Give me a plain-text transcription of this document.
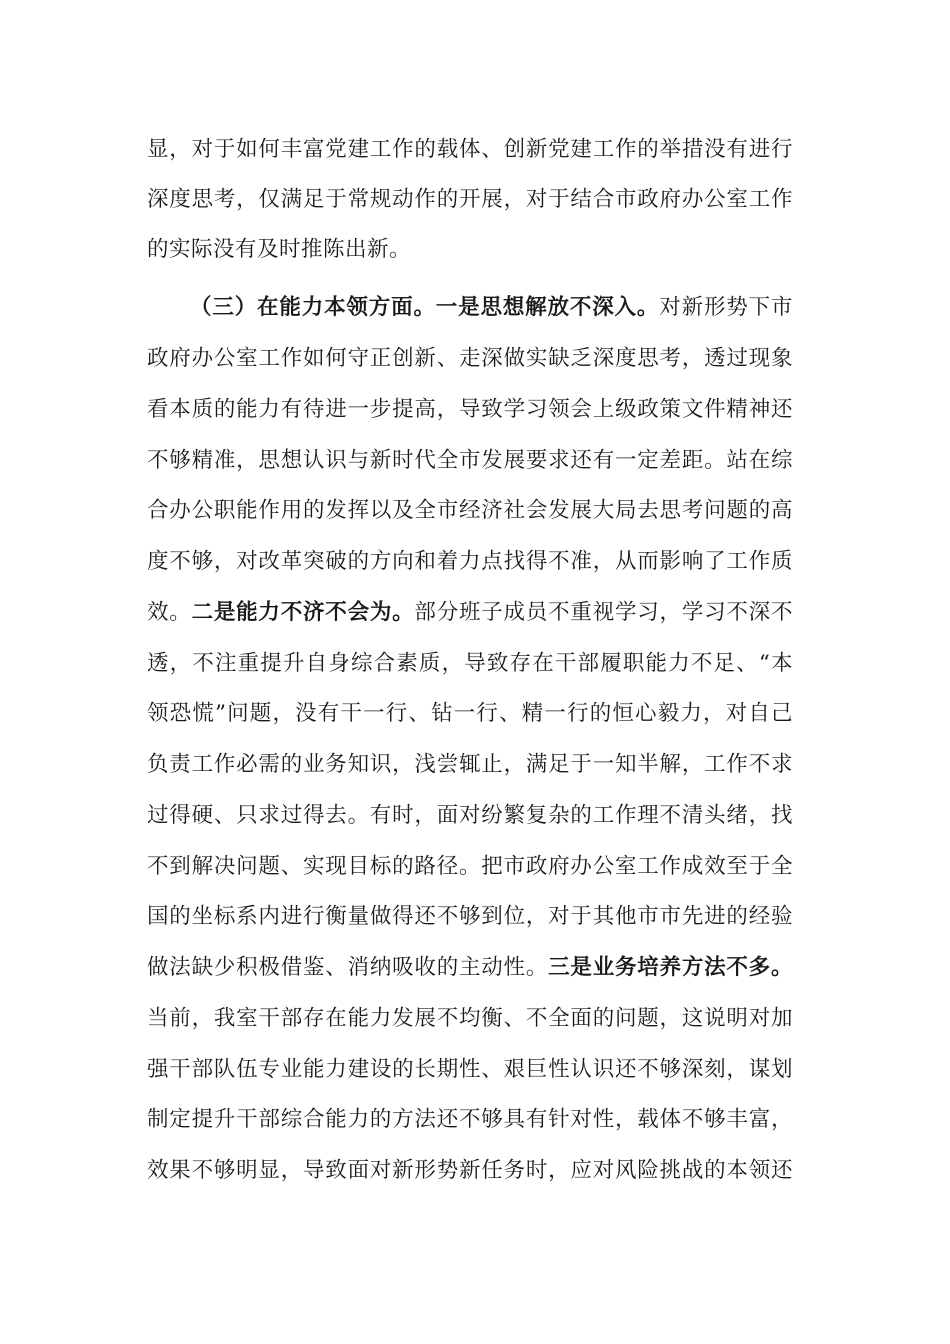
显，对于如何丰富党建工作的载体、创新党建工作的举措没有进行
深度思考，仅满足于常规动作的开展，对于结合市政府办公室工作
的实际没有及时推陈出新。
（三）在能力本领方面。一是思想解放不深入。对新形势下市
政府办公室工作如何守正创新、走深做实缺乏深度思考，透过现象
看本质的能力有待进一步提高，导致学习领会上级政策文件精神还
不够精准，思想认识与新时代全市发展要求还有一定差距。站在综
合办公职能作用的发挥以及全市经济社会发展大局去思考问题的高
度不够，对改革突破的方向和着力点找得不准，从而影响了工作质
效。二是能力不济不会为。部分班子成员不重视学习，学习不深不
透，不注重提升自身综合素质，导致存在干部履职能力不足、“本
领恐慌”问题，没有干一行、钻一行、精一行的恒心毅力，对自己
负责工作必需的业务知识，浅尝辄止，满足于一知半解，工作不求
过得硬、只求过得去。有时，面对纷繁复杂的工作理不清头绪，找
不到解决问题、实现目标的路径。把市政府办公室工作成效至于全
国的坐标系内进行衡量做得还不够到位，对于其他市市先进的经验
做法缺少积极借鉴、消纳吸收的主动性。三是业务培养方法不多。
当前，我室干部存在能力发展不均衡、不全面的问题，这说明对加
强干部队伍专业能力建设的长期性、艰巨性认识还不够深刻，谋划
制定提升干部综合能力的方法还不够具有针对性，载体不够丰富，
效果不够明显，导致面对新形势新任务时，应对风险挑战的本领还
